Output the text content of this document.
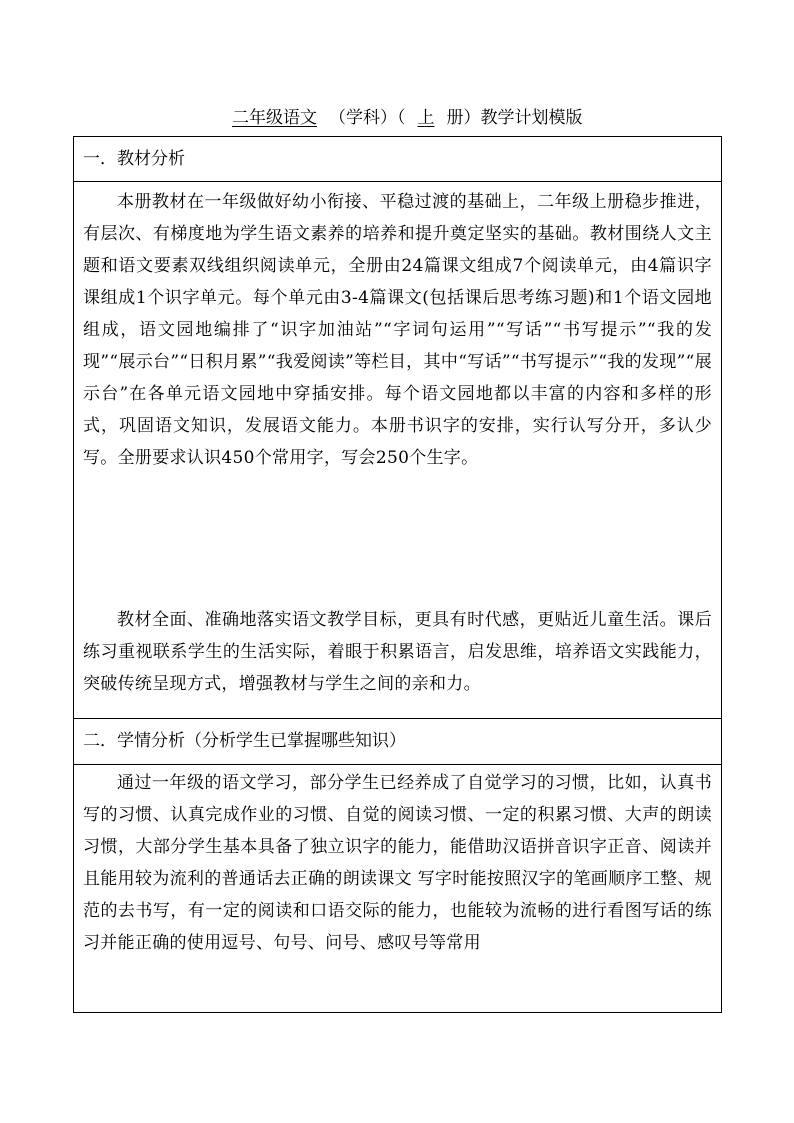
二年级语文 （学科）（ 上 册）教学计划模版
一．教材分析
本册教材在一年级做好幼小衔接、平稳过渡的基础上，二年级上册稳步推进，有层次、有梯度地为学生语文素养的培养和提升奠定坚实的基础。教材围绕人文主题和语文要素双线组织阅读单元，全册由24篇课文组成7个阅读单元，由4篇识字课组成1个识字单元。每个单元由3-4篇课文(包括课后思考练习题)和1个语文园地组成，语文园地编排了“识字加油站”“字词句运用”“写话”“书写提示”“我的发现”“展示台”“日积月累”“我爱阅读”等栏目，其中“写话”“书写提示”“我的发现”“展示台”在各单元语文园地中穿插安排。每个语文园地都以丰富的内容和多样的形式，巩固语文知识，发展语文能力。本册书识字的安排，实行认写分开，多认少写。全册要求认识450个常用字，写会250个生字。
教材全面、准确地落实语文教学目标，更具有时代感，更贴近儿童生活。课后练习重视联系学生的生活实际，着眼于积累语言，启发思维，培养语文实践能力，突破传统呈现方式，增强教材与学生之间的亲和力。
二．学情分析（分析学生已掌握哪些知识）
通过一年级的语文学习，部分学生已经养成了自觉学习的习惯，比如，认真书写的习惯、认真完成作业的习惯、自觉的阅读习惯、一定的积累习惯、大声的朗读习惯，大部分学生基本具备了独立识字的能力，能借助汉语拼音识字正音、阅读并且能用较为流利的普通话去正确的朗读课文 写字时能按照汉字的笔画顺序工整、规范的去书写，有一定的阅读和口语交际的能力，也能较为流畅的进行看图写话的练习并能正确的使用逗号、句号、问号、感叹号等常用
